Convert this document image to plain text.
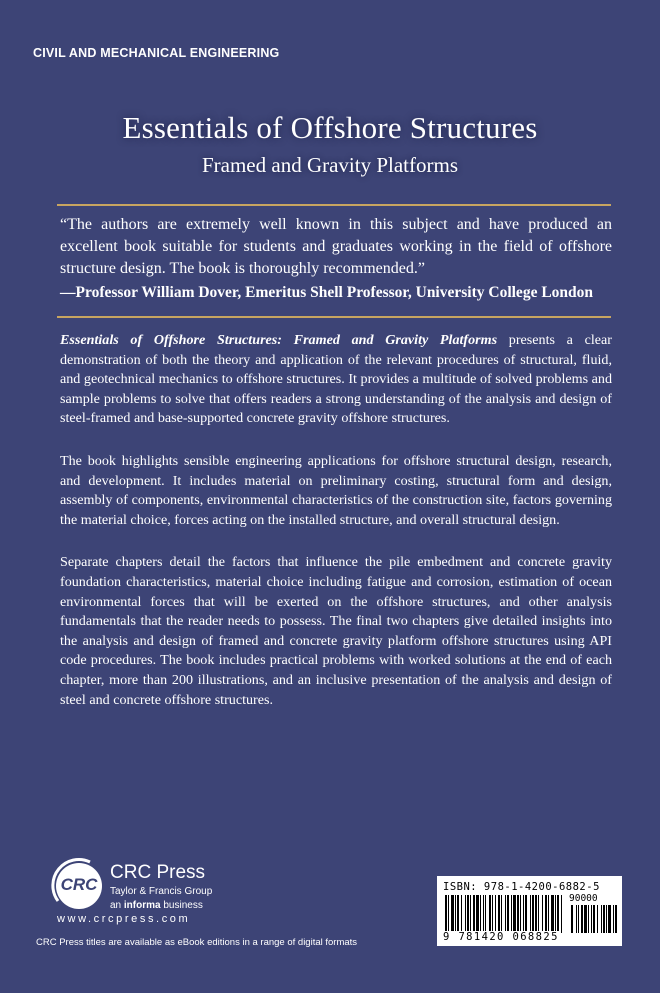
CIVIL AND MECHANICAL ENGINEERING
Essentials of Offshore Structures
Framed and Gravity Platforms
“The authors are extremely well known in this subject and have produced an excellent book suitable for students and graduates working in the field of offshore structure design. The book is thoroughly recommended.”
—Professor William Dover, Emeritus Shell Professor, University College London

Essentials of Offshore Structures: Framed and Gravity Platforms presents a clear demonstration of both the theory and application of the relevant procedures of structural, fluid, and geotechnical mechanics to offshore structures. It provides a multitude of solved problems and sample problems to solve that offers readers a strong understanding of the analysis and design of steel-framed and base-supported concrete gravity offshore structures.

The book highlights sensible engineering applications for offshore structural design, research, and development. It includes material on preliminary costing, structural form and design, assembly of components, environmental characteristics of the construction site, factors governing the material choice, forces acting on the installed structure, and overall structural design.

Separate chapters detail the factors that influence the pile embedment and concrete gravity foundation characteristics, material choice including fatigue and corrosion, estimation of ocean environmental forces that will be exerted on the offshore structures, and other analysis fundamentals that the reader needs to possess. The final two chapters give detailed insights into the analysis and design of framed and concrete gravity platform offshore structures using API code procedures. The book includes practical problems with worked solutions at the end of each chapter, more than 200 illustrations, and an inclusive presentation of the analysis and design of steel and concrete offshore structures.

CRC
CRC Press
Taylor & Francis Group
an informa business
www.crcpress.com
CRC Press titles are available as eBook editions in a range of digital formats
ISBN: 978-1-4200-6882-5
90000
9 781420 068825
